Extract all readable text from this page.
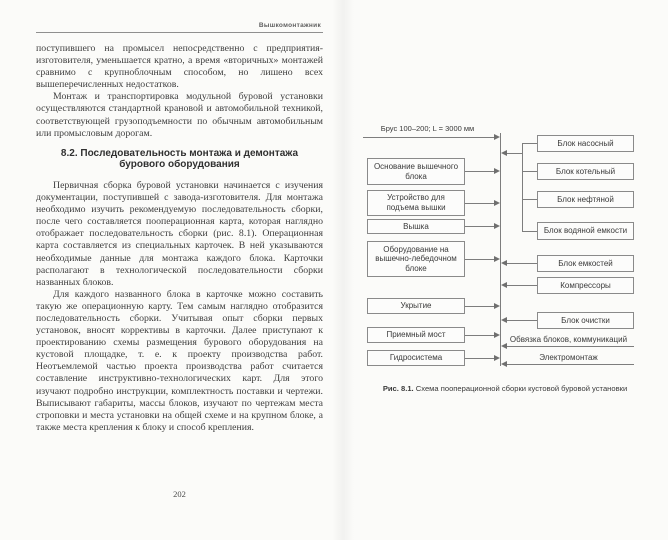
Вышкомонтажник

поступившего на промысел непосредственно с предприятия-изготовителя, уменьшается кратно, а время «вторичных» монтажей сравнимо с крупноблочным способом, но лишено всех вышеперечисленных недостатков.

Монтаж и транспортировка модульной буровой установки осуществляются стандартной крановой и автомобильной техникой, соответствующей грузоподъемности по обычным автомобильным или промысловым дорогам.

8.2. Последовательность монтажа и демонтажа бурового оборудования

Первичная сборка буровой установки начинается с изучения документации, поступившей с завода-изготовителя. Для монтажа необходимо изучить рекомендуемую последовательность сборки, после чего составляется пооперационная карта, которая наглядно отображает последовательность сборки (рис. 8.1). Операционная карта составляется из специальных карточек. В ней указываются необходимые данные для монтажа каждого блока. Карточки располагают в технологической последовательности сборки названных блоков.

Для каждого названного блока в карточке можно составить такую же операционную карту. Тем самым наглядно отобразится последовательность сборки. Учитывая опыт сборки первых установок, вносят коррективы в карточки. Далее приступают к проектированию схемы размещения бурового оборудования на кустовой площадке, т. е. к проекту производства работ. Неотъемлемой частью проекта производства работ считается составление инструктивно-технологических карт. Для этого изучают подробно инструкции, комплектность поставки и чертежи. Выписывают габариты, массы блоков, изучают по чертежам места строповки и места установки на общей схеме и на крупном блоке, а также места крепления к блоку и способ крепления.

202
Брус 100–200; L = 3000 мм
Основание вышечного блока
Устройство для подъема вышки
Вышка
Оборудование на вышечно-лебедочном блоке
Укрытие
Приемный мост
Гидросистема
Блок насосный
Блок котельный
Блок нефтяной
Блок водяной емкости
Блок емкостей
Компрессоры
Блок очистки
Обвязка блоков, коммуникаций
Электромонтаж
Рис. 8.1. Схема пооперационной сборки кустовой буровой установки
